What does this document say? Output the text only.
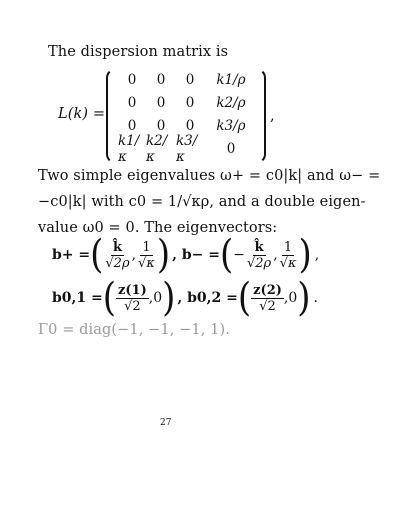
The dispersion matrix is
L(k) =
0 0 0 k1/ρ
0 0 0 k2/ρ
0 0 0 k3/ρ
k1/κ
k2/κ
k3/κ	0
,
Two simple eigenvalues ω+ = c0|k| and ω− =
−c0|k| with c0 = 1/√κρ, and a double eigen-
value ω0 = 0. The eigenvectors:
b+ = ( $\frac{k̂}{√2\rho}$ , $\frac{1}{√\kappa}$ ) , b− = ( − $\frac{k̂}{√2\rho}$ , $\frac{1}{√\kappa}$ ) ,
b0,1 = ( $\frac{z(1)}{√2}$ , 0 ) , b0,2 = ( $\frac{z(2)}{√2}$ , 0 ) .
Γ0 = diag(−1, −1, −1, 1).
27
